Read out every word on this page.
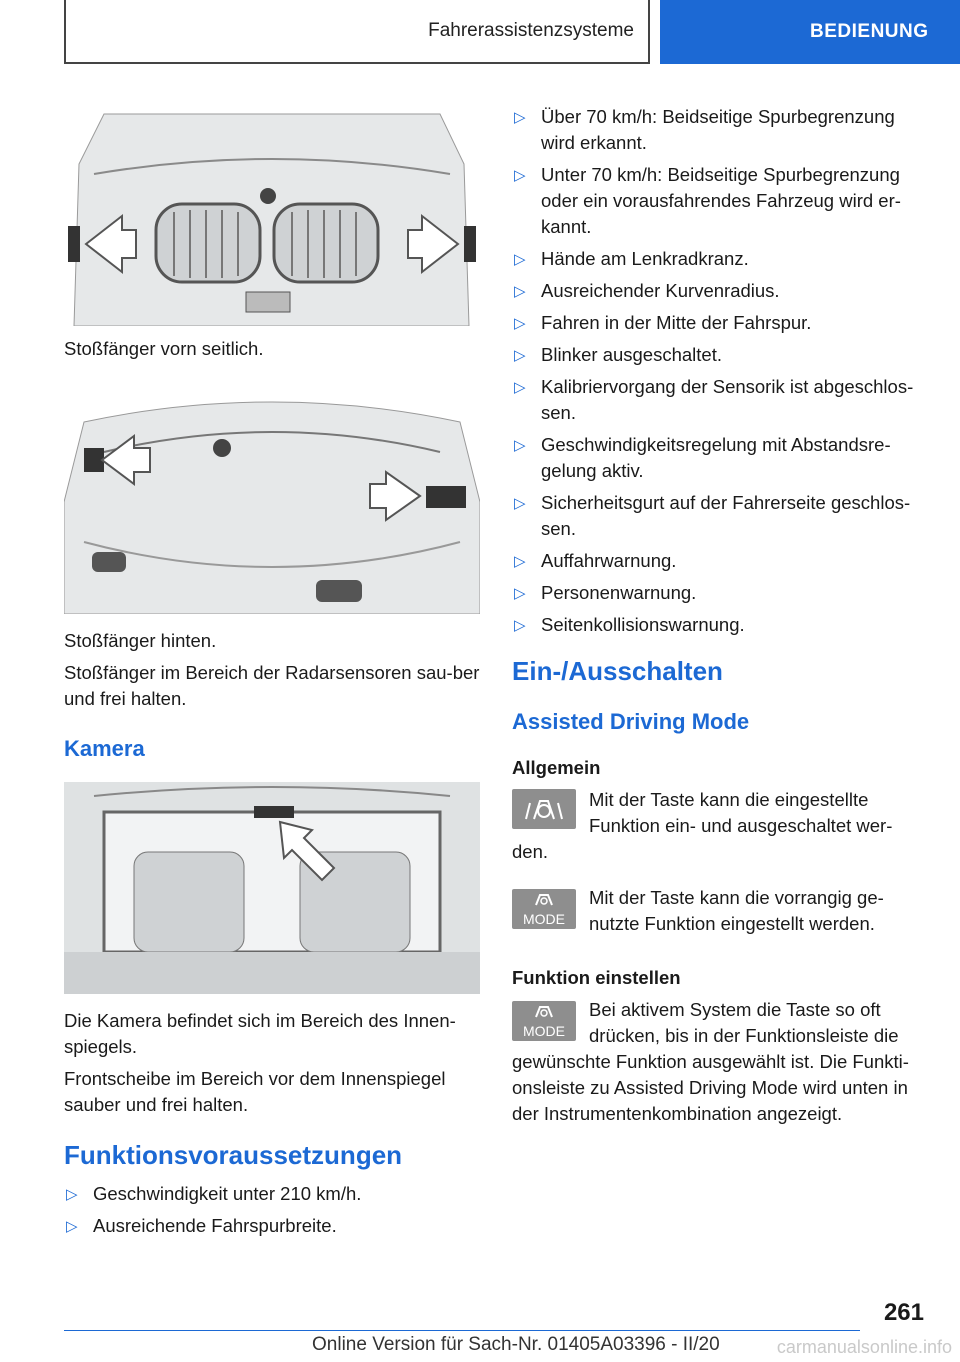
Fahrerassistenzsysteme	BEDIENUNG

Stoßfänger vorn seitlich.

Stoßfänger hinten.

Stoßfänger im Bereich der Radarsensoren sau-ber und frei halten.

Kamera

Die Kamera befindet sich im Bereich des Innen-spiegels.

Frontscheibe im Bereich vor dem Innenspiegel sauber und frei halten.

Funktionsvoraussetzungen
▷ Geschwindigkeit unter 210 km/h.
▷ Ausreichende Fahrspurbreite.
▷ Über 70 km/h: Beidseitige Spurbegrenzung wird erkannt.
▷ Unter 70 km/h: Beidseitige Spurbegrenzung oder ein vorausfahrendes Fahrzeug wird er-kannt.
▷ Hände am Lenkradkranz.
▷ Ausreichender Kurvenradius.
▷ Fahren in der Mitte der Fahrspur.
▷ Blinker ausgeschaltet.
▷ Kalibriervorgang der Sensorik ist abgeschlos-sen.
▷ Geschwindigkeitsregelung mit Abstandsre-gelung aktiv.
▷ Sicherheitsgurt auf der Fahrerseite geschlos-sen.
▷ Auffahrwarnung.
▷ Personenwarnung.
▷ Seitenkollisionswarnung.
Ein-/Ausschalten
Assisted Driving Mode
Allgemein

Mit der Taste kann die eingestellte Funktion ein- und ausgeschaltet wer-

den.

MODE

Mit der Taste kann die vorrangig ge-nutzte Funktion eingestellt werden.

Funktion einstellen
MODE

Bei aktivem System die Taste so oft drücken, bis in der Funktionsleiste die

gewünschte Funktion ausgewählt ist. Die Funkti-onsleiste zu Assisted Driving Mode wird unten in der Instrumentenkombination angezeigt.

261
Online Version für Sach-Nr. 01405A03396 - II/20	carmanualsonline.info
